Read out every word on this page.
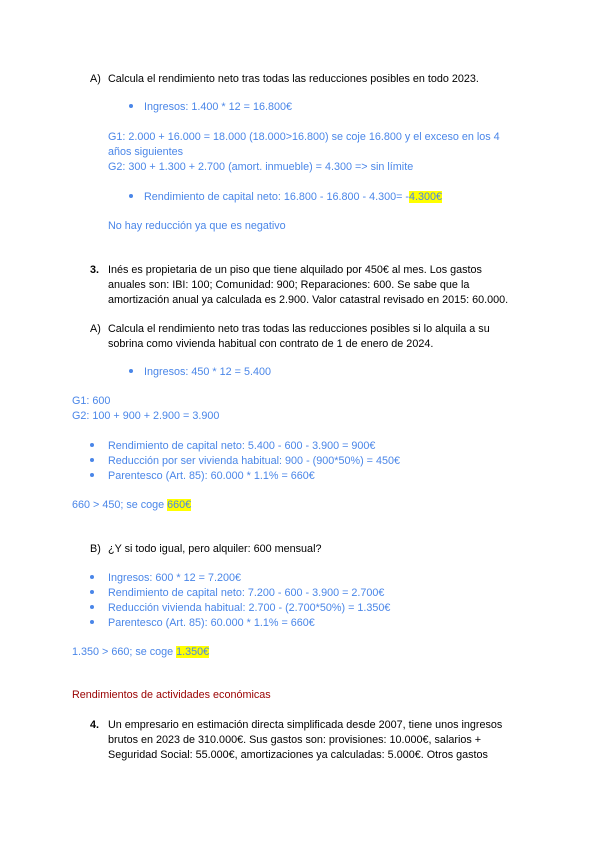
A) Calcula el rendimiento neto tras todas las reducciones posibles en todo 2023.
Ingresos: 1.400 * 12 = 16.800€
G1: 2.000 + 16.000 = 18.000 (18.000>16.800) se coje 16.800 y el exceso en los 4
años siguientes
G2: 300 + 1.300 + 2.700 (amort. inmueble) = 4.300 => sin límite
Rendimiento de capital neto: 16.800 - 16.800 - 4.300= -4.300€
No hay reducción ya que es negativo
3. Inés es propietaria de un piso que tiene alquilado por 450€ al mes. Los gastos
anuales son: IBI: 100; Comunidad: 900; Reparaciones: 600. Se sabe que la
amortización anual ya calculada es 2.900. Valor catastral revisado en 2015: 60.000.
A) Calcula el rendimiento neto tras todas las reducciones posibles si lo alquila a su
sobrina como vivienda habitual con contrato de 1 de enero de 2024.
Ingresos: 450 * 12 = 5.400
G1: 600
G2: 100 + 900 + 2.900 = 3.900
Rendimiento de capital neto: 5.400 - 600 - 3.900 = 900€
Reducción por ser vivienda habitual: 900 - (900*50%) = 450€
Parentesco (Art. 85): 60.000 * 1.1% = 660€
660 > 450; se coge 660€
B) ¿Y si todo igual, pero alquiler: 600 mensual?
Ingresos: 600 * 12 = 7.200€
Rendimiento de capital neto: 7.200 - 600 - 3.900 = 2.700€
Reducción vivienda habitual: 2.700 - (2.700*50%) = 1.350€
Parentesco (Art. 85): 60.000 * 1.1% = 660€
1.350 > 660; se coge 1.350€
Rendimientos de actividades económicas
4. Un empresario en estimación directa simplificada desde 2007, tiene unos ingresos
brutos en 2023 de 310.000€. Sus gastos son: provisiones: 10.000€, salarios +
Seguridad Social: 55.000€, amortizaciones ya calculadas: 5.000€. Otros gastos
